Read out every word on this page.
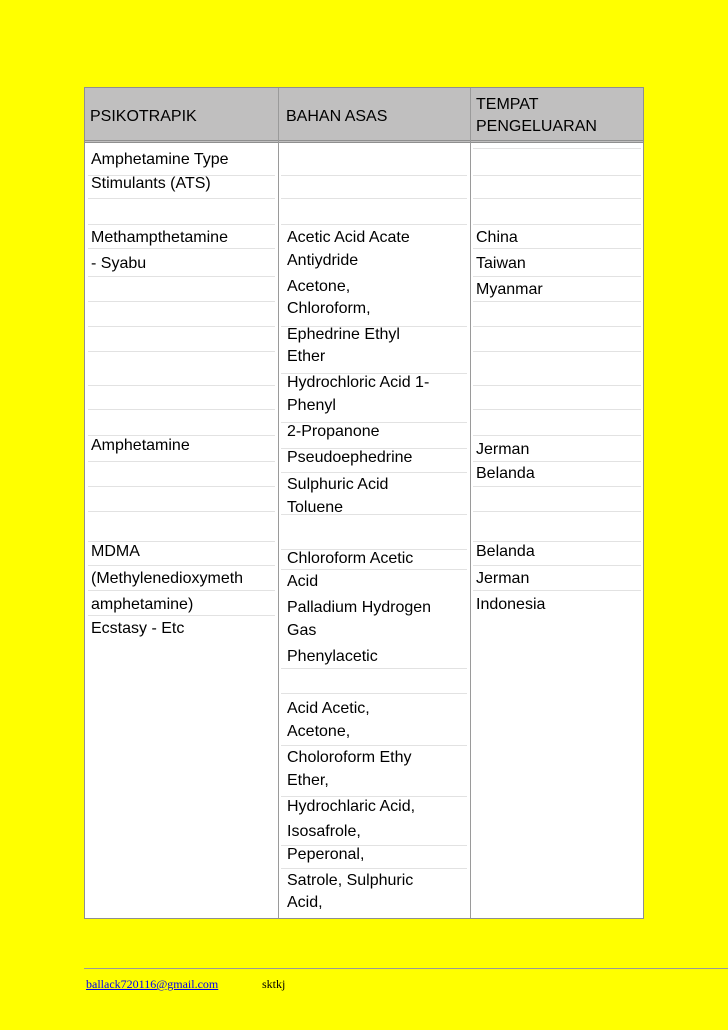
PSIKOTRAPIK	BAHAN ASAS
TEMPAT
PENGELUARAN
Amphetamine Type
Stimulants (ATS)
Methampthetamine
- Syabu
Amphetamine
MDMA
(Methylenedioxymeth
amphetamine)
Ecstasy - Etc
Acetic Acid Acate
Antiydride
Acetone,
Chloroform,
Ephedrine Ethyl
Ether
Hydrochloric Acid 1-
Phenyl
2-Propanone
Pseudoephedrine
Sulphuric Acid
Toluene
Chloroform Acetic
Acid
Palladium Hydrogen
Gas
Phenylacetic
Acid Acetic,
Acetone,
Choloroform Ethy
Ether,
Hydrochlaric Acid,
Isosafrole,
Peperonal,
Satrole, Sulphuric
Acid,
China
Taiwan
Myanmar
Jerman
Belanda
Belanda
Jerman
Indonesia
ballack720116@gmail.com	sktkj
